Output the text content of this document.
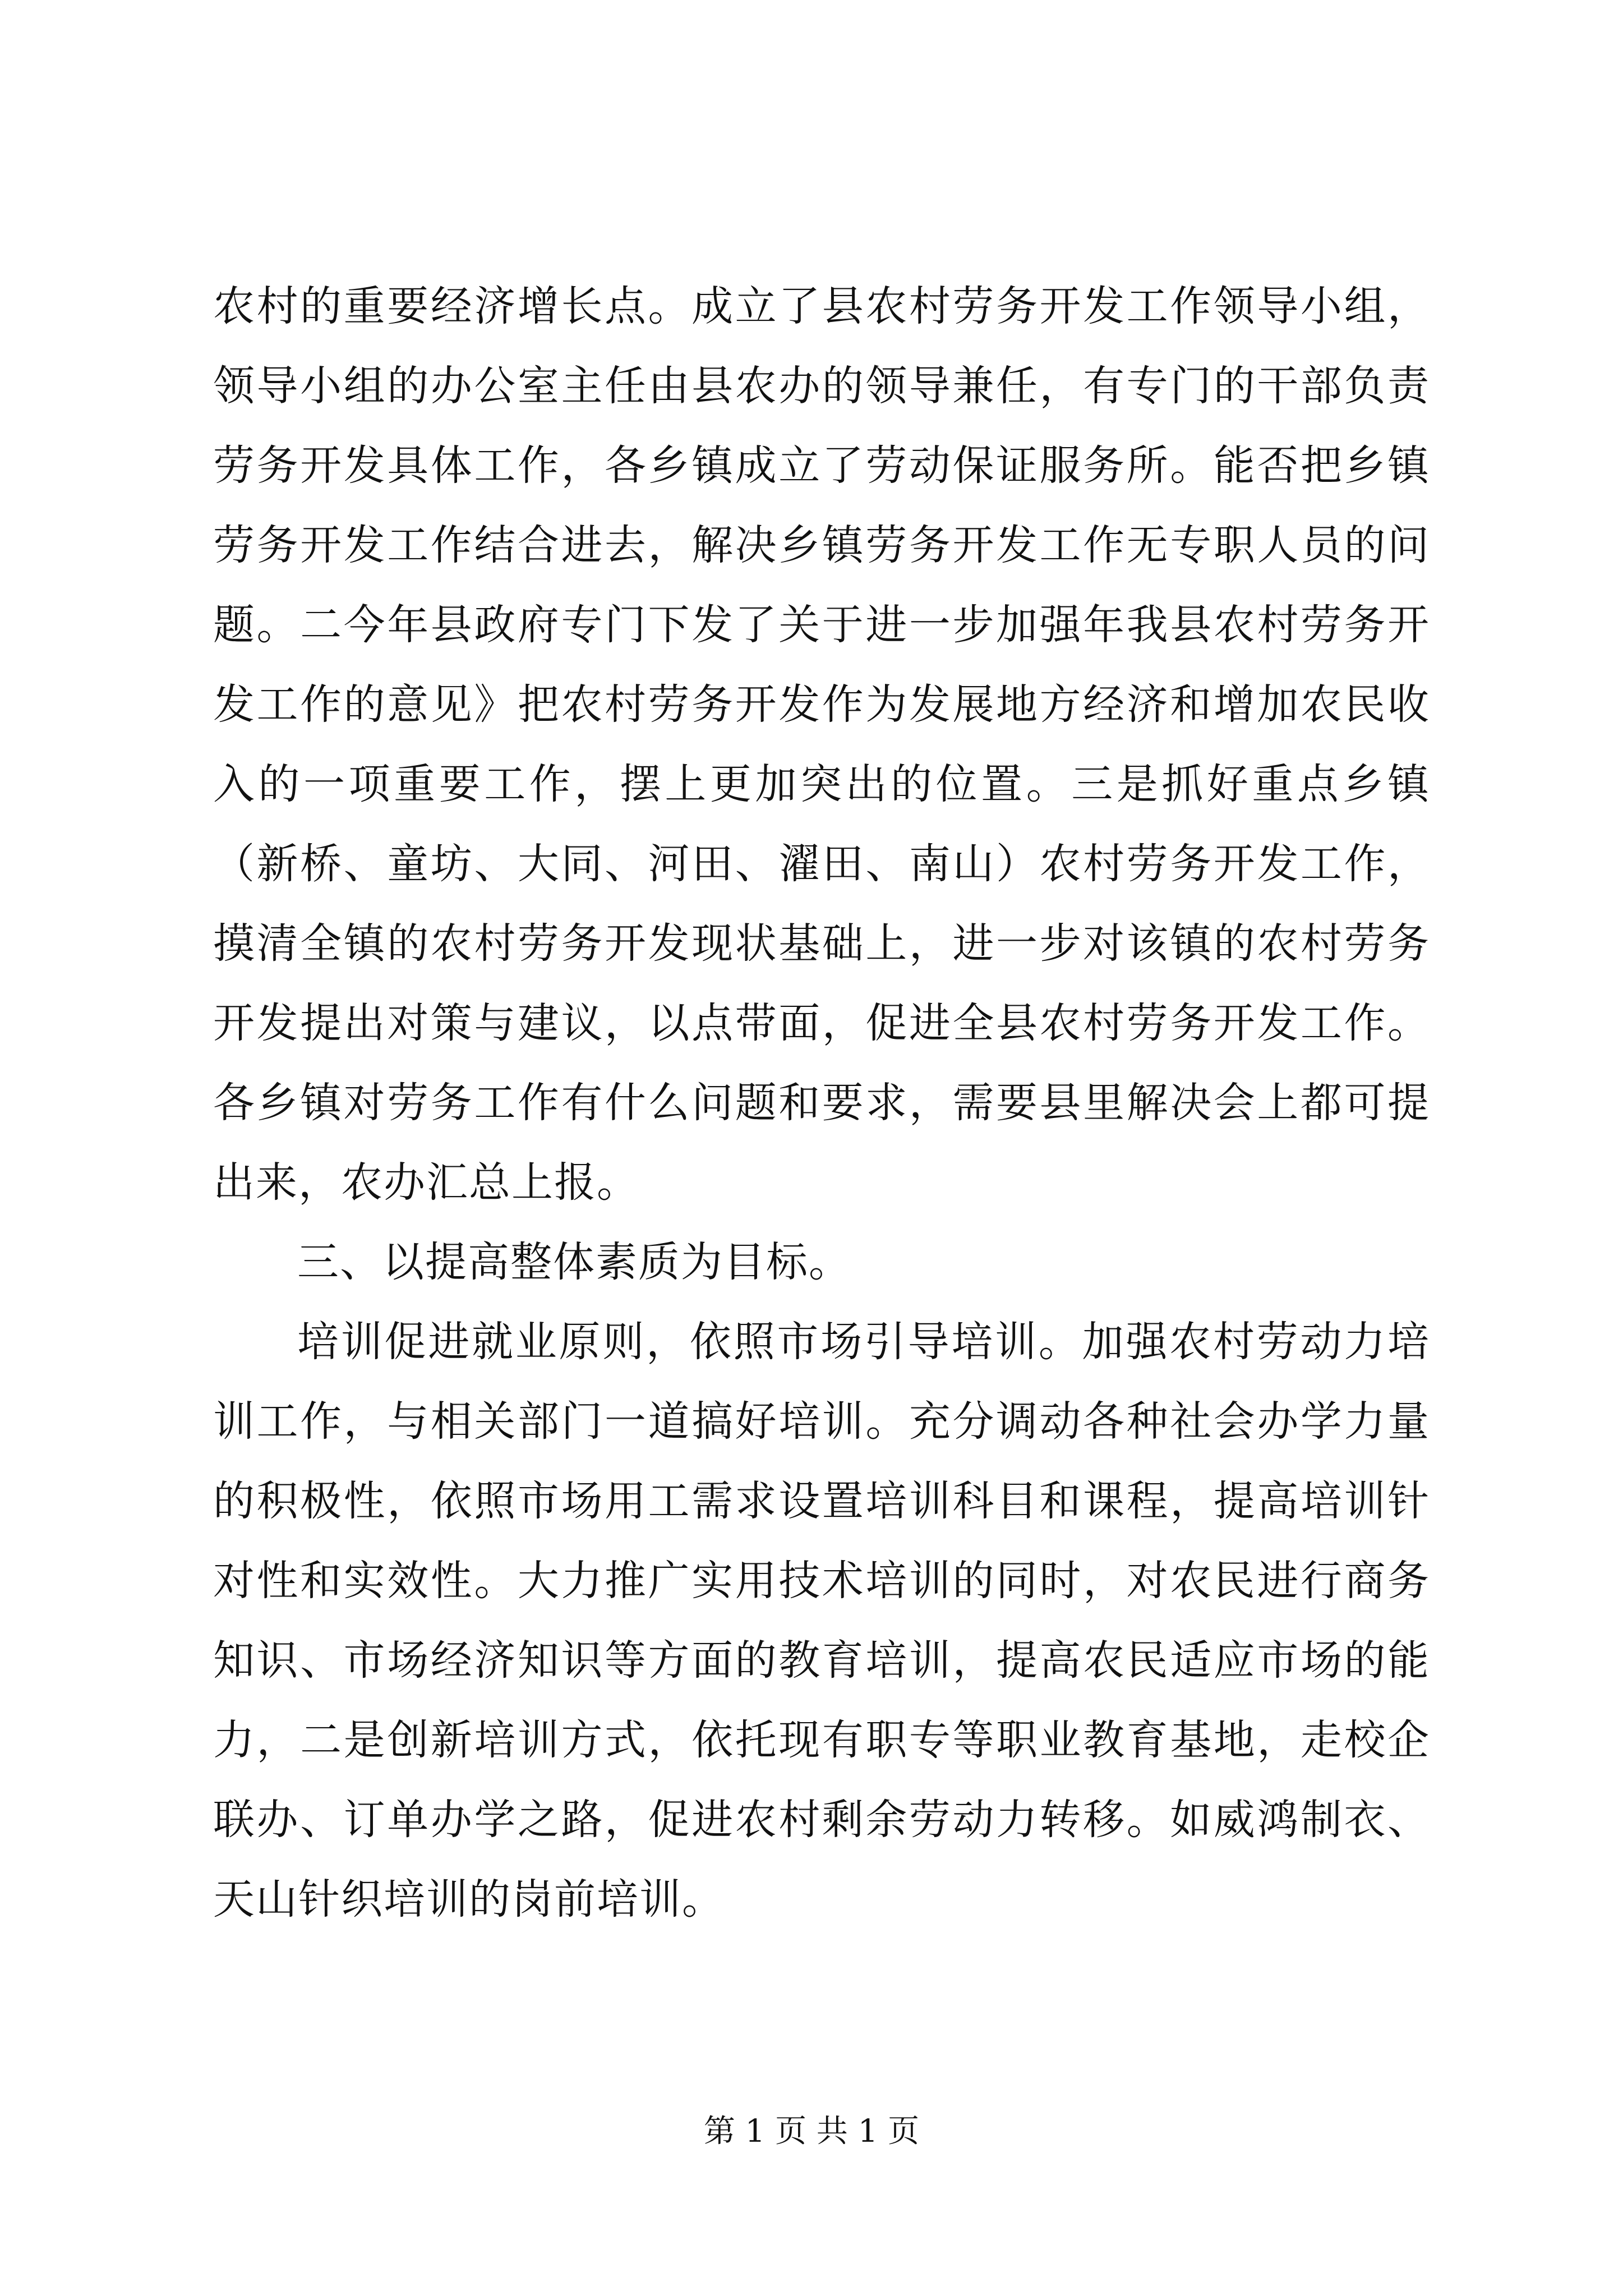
农村的重要经济增长点。成立了县农村劳务开发工作领导小组，
领导小组的办公室主任由县农办的领导兼任，有专门的干部负责
劳务开发具体工作，各乡镇成立了劳动保证服务所。能否把乡镇
劳务开发工作结合进去，解决乡镇劳务开发工作无专职人员的问
题。二今年县政府专门下发了关于进一步加强年我县农村劳务开
发工作的意见》把农村劳务开发作为发展地方经济和增加农民收
入的一项重要工作，摆上更加突出的位置。三是抓好重点乡镇
（新桥、童坊、大同、河田、濯田、南山）农村劳务开发工作，
摸清全镇的农村劳务开发现状基础上，进一步对该镇的农村劳务
开发提出对策与建议，以点带面，促进全县农村劳务开发工作。
各乡镇对劳务工作有什么问题和要求，需要县里解决会上都可提
出来，农办汇总上报。
三、以提高整体素质为目标。
培训促进就业原则，依照市场引导培训。加强农村劳动力培
训工作，与相关部门一道搞好培训。充分调动各种社会办学力量
的积极性，依照市场用工需求设置培训科目和课程，提高培训针
对性和实效性。大力推广实用技术培训的同时，对农民进行商务
知识、市场经济知识等方面的教育培训，提高农民适应市场的能
力，二是创新培训方式，依托现有职专等职业教育基地，走校企
联办、订单办学之路，促进农村剩余劳动力转移。如威鸿制衣、
天山针织培训的岗前培训。
第 1 页 共 1 页
